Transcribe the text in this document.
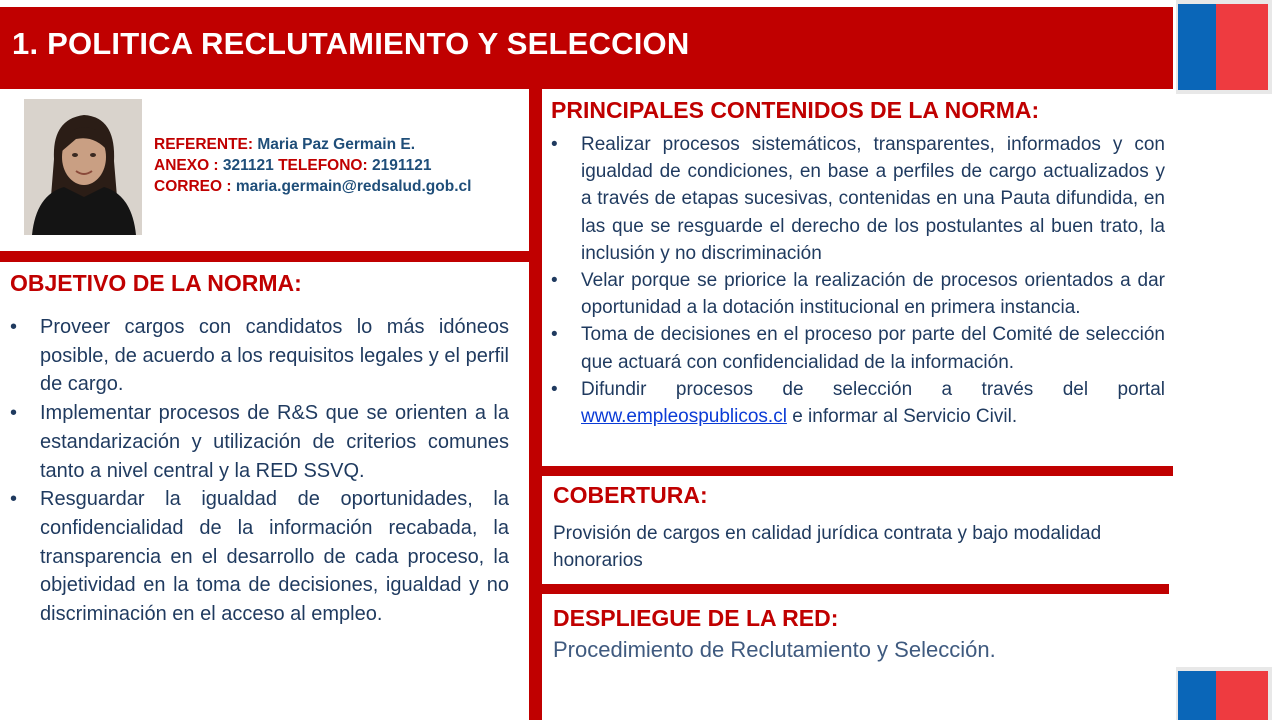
1. POLITICA RECLUTAMIENTO Y SELECCION
REFERENTE: Maria Paz Germain E.
ANEXO : 321121 TELEFONO: 2191121
CORREO : maria.germain@redsalud.gob.cl
OBJETIVO DE LA NORMA:
• Proveer cargos con candidatos lo más idóneos posible, de acuerdo a los requisitos legales y el perfil de cargo.
• Implementar procesos de R&S que se orienten a la estandarización y utilización de criterios comunes tanto a nivel central y la RED SSVQ.
• Resguardar la igualdad de oportunidades, la confidencialidad de la información recabada, la transparencia en el desarrollo de cada proceso, la objetividad en la toma de decisiones, igualdad y no discriminación en el acceso al empleo.
PRINCIPALES CONTENIDOS DE LA NORMA:
• Realizar procesos sistemáticos, transparentes, informados y con igualdad de condiciones, en base a perfiles de cargo actualizados y a través de etapas sucesivas, contenidas en una Pauta difundida, en las que se resguarde el derecho de los postulantes al buen trato, la inclusión y no discriminación
• Velar porque se priorice la realización de procesos orientados a dar oportunidad a la dotación institucional en primera instancia.
• Toma de decisiones en el proceso por parte del Comité de selección que actuará con confidencialidad de la información.
• Difundir procesos de selección a través del portal www.empleospublicos.cl e informar al Servicio Civil.
COBERTURA:
Provisión de cargos en calidad jurídica contrata y bajo modalidad honorarios
DESPLIEGUE DE LA RED:
Procedimiento de Reclutamiento y Selección.
